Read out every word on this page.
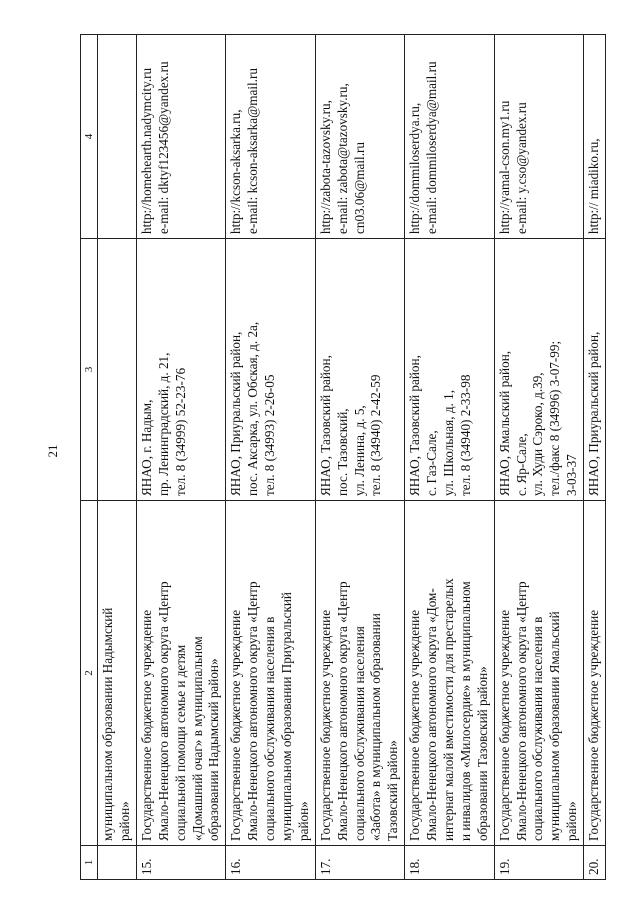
21
1	2	3	4

	муниципальном образовании Надымский район»		

15.	Государственное бюджетное учреждение Ямало-Ненецкого автономного округа «Центр социальной помощи семье и детям «Домашний очаг» в муниципальном образовании Надымский район»	ЯНАО, г. Надым, пр. Ленинградский, д. 21, тел. 8 (34999) 52-23-76	http://homehearth.nadymcity.ru e-mail: dktyf123456@yandex.ru

16.	Государственное бюджетное учреждение Ямало-Ненецкого автономного округа «Центр социального обслуживания населения в муниципальном образовании Приуральский район»	ЯНАО, Приуральский район, пос. Аксарка, ул. Обская, д. 2а, тел. 8 (34993) 2-26-05	http://kcson-aksarka.ru, e-mail: kcson-aksarka@mail.ru

17.	Государственное бюджетное учреждение Ямало-Ненецкого автономного округа «Центр социального обслуживания населения «Забота» в муниципальном образовании Тазовский район»	ЯНАО, Тазовский район, пос. Тазовский, ул. Ленина, д. 5, тел. 8 (34940) 2-42-59	http://zabota-tazovsky.ru, e-mail: zabota@tazovsky.ru, cn03.06@mail.ru

18.	Государственное бюджетное учреждение Ямало-Ненецкого автономного округа «Дом- интернат малой вместимости для престарелых и инвалидов «Милосердие» в муниципальном образовании Тазовский район»	ЯНАО, Тазовский район, с. Газ-Сале, ул. Школьная, д. 1, тел. 8 (34940) 2-33-98	http://dommiloserdya.ru, e-mail: dommiloserdya@mail.ru

19.	Государственное бюджетное учреждение Ямало-Ненецкого автономного округа «Центр социального обслуживания населения в муниципальном образовании Ямальский район»	ЯНАО, Ямальский район, с. Яр-Сале, ул. Худи Сэроко, д.39, тел./факс 8 (34996) 3-07-99; 3-03-37	http://yamal-cson.my1.ru e-mail: y.cso@yandex.ru

20.	Государственное бюджетное учреждение	ЯНАО, Приуральский район,	http:// miadiko.ru,
